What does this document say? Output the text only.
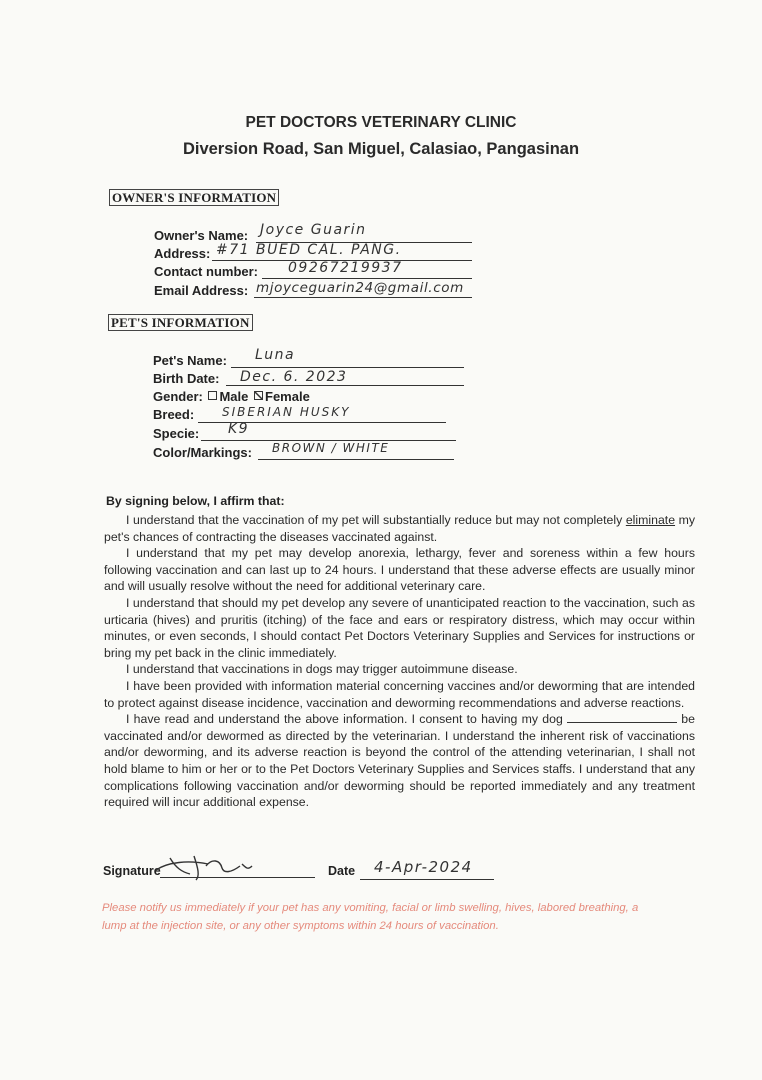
PET DOCTORS VETERINARY CLINIC
Diversion Road, San Miguel, Calasiao, Pangasinan
OWNER'S INFORMATION
Owner's Name: Joyce Guarin
Address: #71 BUED CAL. PANG.
Contact number: 09267219937
Email Address: mjoyceguarin24@gmail.com
PET'S INFORMATION
Pet's Name: Luna
Birth Date: Dec. 6. 2023
Gender: Male Female
Breed: SIBERIAN HUSKY
Specie: K9
Color/Markings: BROWN / WHITE
By signing below, I affirm that:

I understand that the vaccination of my pet will substantially reduce but may not completely eliminate my pet's chances of contracting the diseases vaccinated against.

I understand that my pet may develop anorexia, lethargy, fever and soreness within a few hours following vaccination and can last up to 24 hours. I understand that these adverse effects are usually minor and will usually resolve without the need for additional veterinary care.

I understand that should my pet develop any severe of unanticipated reaction to the vaccination, such as urticaria (hives) and pruritis (itching) of the face and ears or respiratory distress, which may occur within minutes, or even seconds, I should contact Pet Doctors Veterinary Supplies and Services for instructions or bring my pet back in the clinic immediately.

I understand that vaccinations in dogs may trigger autoimmune disease.

I have been provided with information material concerning vaccines and/or deworming that are intended to protect against disease incidence, vaccination and deworming recommendations and adverse reactions.

I have read and understand the above information. I consent to having my dog	be vaccinated and/or dewormed as directed by the veterinarian. I understand the inherent risk of vaccinations and/or deworming, and its adverse reaction is beyond the control of the attending veterinarian, I shall not hold blame to him or her or to the Pet Doctors Veterinary Supplies and Services staffs. I understand that any complications following vaccination and/or deworming should be reported immediately and any treatment required will incur additional expense.

Signature	Date 4-Apr-2024
Please notify us immediately if your pet has any vomiting, facial or limb swelling, hives, labored breathing, a lump at the injection site, or any other symptoms within 24 hours of vaccination.
